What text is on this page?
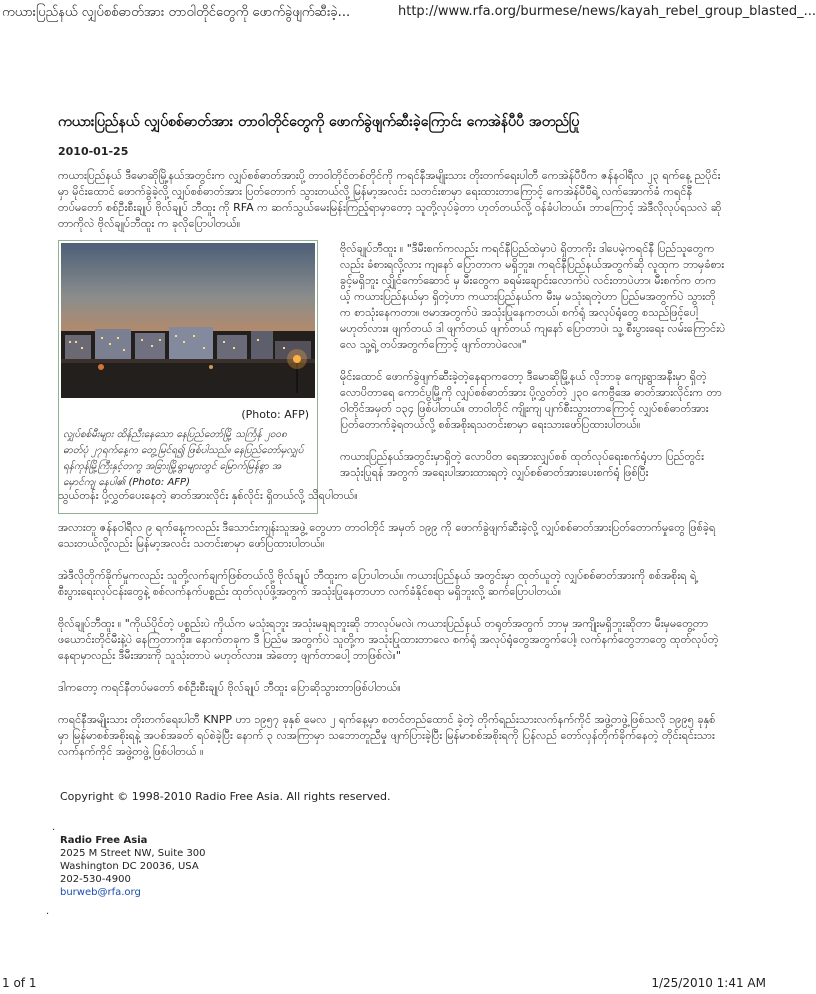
ကယားပြည်နယ် လျှပ်စစ်ဓာတ်အား တာဝါတိုင်တွေကို ဖောက်ခွဲဖျက်ဆီးခဲ့...	http://www.rfa.org/burmese/news/kayah_rebel_group_blasted_...
ကယားပြည်နယ် လျှပ်စစ်ဓာတ်အား တာဝါတိုင်တွေကို ဖောက်ခွဲဖျက်ဆီးခဲ့ကြောင်း ကေအဲန်ပီပီ အတည်ပြု
2010-01-25

ကယားပြည်နယ် ဒီမောဆိုမြို့နယ်အတွင်းက လျှပ်စစ်ဓာတ်အားပို့ တာဝါတိုင်တစ်တိုင်ကို ကရင်နီအမျိုးသား တိုးတက်ရေးပါတီ ကေအဲန်ပီပီက ဇန်နဝါရီလ ၂၃ ရက်နေ့ ညပိုင်းမှာ မိုင်းထောင် ဖောက်ခွဲခဲ့လို့ လျှပ်စစ်ဓာတ်အား ပြတ်တောက် သွားတယ်လို့ မြန်မာ့အလင်း သတင်းစာမှာ ရေးထားတာကြောင့် ကေအဲန်ပီပီရဲ့ လက်အောက်ခံ ကရင်နီ တပ်မတော် စစ်ဦးစီးချုပ် ဗိုလ်ချုပ် ဘီထူး ကို RFA က ဆက်သွယ်မေးမြန်းကြည့်ရာမှာတော့ သူတို့လုပ်ခဲ့တာ ဟုတ်တယ်လို့ ဝန်ခံပါတယ်။ ဘာကြောင့် အဲဒီလိုလုပ်ရသလဲ ဆိုတာကိုလဲ ဗိုလ်ချုပ်ဘီထူး က ခုလိုပြောပါတယ်။

(Photo: AFP)
လျှပ်စစ်မီးများ ထိန်ညီးနေသော နေပြည်တော်မြို့ သင်္ကြန် ၂၀၀၈ ဓာတ်ပုံ ၂၇ရက်နေ့က တွေ့မြင်ရ၍ ဖြစ်ပါသည်။ နေပြည်တော်မှလျှပ် ရန်ကုန်မြို့ကြီးနှင့်တကွ အခြားမြို့ရွာများတွင် မြောက်မြန်စွာ အမှောင်ကျ နေပါ၏ (Photo: AFP)

ဗိုလ်ချုပ်ဘီထူး ။ "ဒီမီးစက်ကလည်း ကရင်နီပြည်ထဲမှာပဲ ရှိတာကိုး ဒါပေမဲ့ကရင်နီ ပြည်သူတွေကလည်း ခံစားရလို့လား ကျနော် ပြောတာက မရှိဘူး။ ကရင်နီပြည်နယ်အတွက်ဆို လူထုက ဘာမှခံစားခွင့်မရှိဘူး လျှိုင်ကော်ဆောင် မှ မီးတွေက ခရမ်းချောင်းလောက်ပဲ လင်းတာပဲဟာ၊ မီးစက်က တကယ့် ကယားပြည်နယ်မှာ ရှိတဲ့ဟာ ကယားပြည်နယ်က မီးမှ မသုံးရတဲ့ဟာ ပြည်မအတွက်ပဲ သွားတိုက စာသုံးနေကတာ။ ဗမာအတွက်ပဲ အသုံးပြုနေကတယ်၊ စက်ရုံ အလုပ်ရုံတွေ စသည်ဖြင့်ပေါ့ မဟုတ်လား။ ဖျက်တယ် ဒါ ဖျက်တယ် ဖျက်တယ် ကျနော် ပြောတာပဲ၊ သူ့ စီးပွားရေး လမ်းကြောင်းပဲလေ သူ့ရဲ့ တပ်အတွက်ကြောင့် ဖျက်တာပဲလေ။"

မိုင်းထောင် ဖောက်ခွဲဖျက်ဆီးခဲ့တဲ့နေရာကတော့ ဒီမောဆိုမြို့နယ် လိုဘာခု ကျေးရွာအနီးမှာ ရှိတဲ့ လောပိတာရေ ကောင်ပွမြို့ကို လျှပ်စစ်ဓာတ်အား ပို့လွှတ်တဲ့ ၂၃၀ ကေဗွီအေ ဓာတ်အားလိုင်းက တာဝါတိုင်အမှတ် ၁၃၄ ဖြစ်ပါတယ်။ တာဝါတိုင် ကျိုးကျ ပျက်စီးသွားတာကြောင့် လျှပ်စစ်ဓာတ်အား ပြတ်တောက်ခဲ့ရတယ်လို့ စစ်အစိုးရသတင်းစာမှာ ရေးသားဖော်ပြထားပါတယ်။

ကယားပြည်နယ်အတွင်းမှာရှိတဲ့ လောပိတ ရေအားလျှပ်စစ် ထုတ်လုပ်ရေးစက်ရုံဟာ ပြည်တွင်းအသုံးပြုရန် အတွက် အရေးပါအားထားရတဲ့ လျှပ်စစ်ဓာတ်အားပေးစက်ရုံ ဖြစ်ပြီး

သွယ်တန်း ပို့လွှတ်ပေးနေတဲ့ ဓာတ်အားလိုင်း နှစ်လိုင်း ရှိတယ်လို့ သိရပါတယ်။

အလားတူ ဇန်နဝါရီလ ၉ ရက်နေ့ကလည်း ဒီသောင်းကျန်းသူအဖွဲ့ တွေဟာ တာဝါတိုင် အမှတ် ၁၉၉ ကို ဖောက်ခွဲဖျက်ဆီးခဲ့လို့ လျှပ်စစ်ဓာတ်အားပြတ်တောက်မှုတွေ ဖြစ်ခဲ့ရသေးတယ်လို့လည်း မြန်မာ့အလင်း သတင်းစာမှာ ဖော်ပြထားပါတယ်။

အဲဒီလိုတိုက်ခိုက်မှုကလည်း သူတို့လက်ချက်ဖြစ်တယ်လို့ ဗိုလ်ချုပ် ဘီထူးက ပြောပါတယ်။ ကယားပြည်နယ် အတွင်းမှာ ထုတ်ယူတဲ့ လျှပ်စစ်ဓာတ်အားကို စစ်အစိုးရ ရဲ့ စီးပွားရေးလုပ်ငန်းတွေနဲ့ စစ်လက်နက်ပစ္စည်း ထုတ်လုပ်ဖို့အတွက် အသုံးပြုနေတာဟာ လက်ခံနိုင်စရာ မရှိဘူးလို့ ဆက်ပြောပါတယ်။

ဗိုလ်ချုပ်ဘီထူး ။ "ကိုယ်ပိုင်တဲ့ ပစ္စည်းပဲ ကိုယ်က မသုံးရဘူး အသုံးမချရဘူးဆို ဘာလုပ်မလဲ၊ ကယားပြည်နယ် တရုတ်အတွက် ဘာမှ အကျိုးမရှိဘူးဆိုတာ မီးမှမတွေ့တာ ဖယောင်းတိုင်မီးနဲ့ပဲ နေကြတာကိုး။ နောက်တခုက ဒီ ပြည်မ အတွက်ပဲ သူတို့က အသုံးပြုထားတာလေ စက်ရုံ အလုပ်ရုံတွေအတွက်ပေါ့၊ လက်နက်တွေဘာတွေ ထုတ်လုပ်တဲ့ နေရာမှာလည်း ဒီမီးအားကို သူသုံးတာပဲ မဟုတ်လား။ အဲတော့ ဖျက်တာပေါ့ ဘာဖြစ်လဲ။"

ဒါကတော့ ကရင်နီတပ်မတော် စစ်ဦးစီးချုပ် ဗိုလ်ချုပ် ဘီထူး ပြောဆိုသွားတာဖြစ်ပါတယ်။

ကရင်နီအမျိုးသား တိုးတက်ရေးပါတီ KNPP ဟာ ၁၉၅၇ ခုနှစ် မေလ ၂ ရက်နေ့မှာ စတင်တည်ထောင် ခဲ့တဲ့ တိုက်ရည်းသားလက်နက်ကိုင် အဖွဲ့တဖွဲ့ဖြစ်သလို ၁၉၉၅ ခုနှစ်မှာ မြန်မာစစ်အစိုးရနဲ့ အပစ်အခတ် ရပ်စဲခဲ့ပြီး နောက် ၃ လအကြာမှာ သဘောတူညီမှု ဖျက်ပြားခဲ့ပြီး မြန်မာစစ်အစိုးရကို ပြန်လည် တော်လှန်တိုက်ခိုက်နေတဲ့ တိုင်းရင်းသား လက်နက်ကိုင် အဖွဲ့တဖွဲ့ ဖြစ်ပါတယ် ။

Copyright © 1998-2010 Radio Free Asia. All rights reserved.
.
Radio Free Asia
2025 M Street NW, Suite 300
Washington DC 20036, USA
202-530-4900
burweb@rfa.org
.
1 of 1	1/25/2010 1:41 AM
